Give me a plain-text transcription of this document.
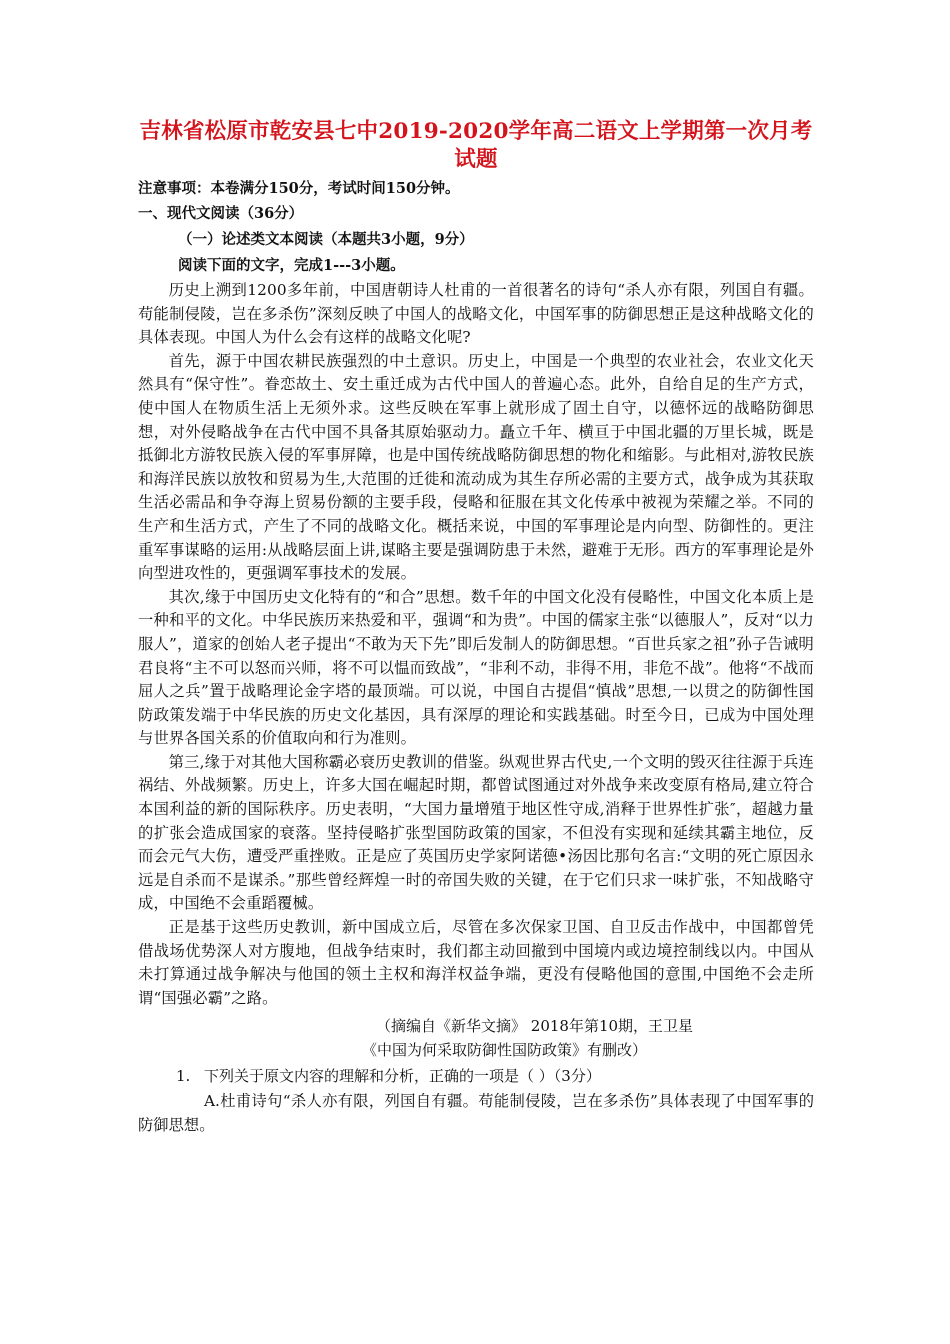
吉林省松原市乾安县七中2019-2020学年高二语文上学期第一次月考试题

注意事项：本卷满分150分，考试时间150分钟。

一、现代文阅读（36分）

（一）论述类文本阅读（本题共3小题，9分）

阅读下面的文字，完成1---3小题。

历史上溯到1200多年前，中国唐朝诗人杜甫的一首很著名的诗句“杀人亦有限，列国自有疆。苟能制侵陵，岂在多杀伤”深刻反映了中国人的战略文化，中国军事的防御思想正是这种战略文化的具体表现。中国人为什么会有这样的战略文化呢?

首先，源于中国农耕民族强烈的中土意识。历史上，中国是一个典型的农业社会，农业文化天然具有“保守性”。眷恋故土、安土重迁成为古代中国人的普遍心态。此外，自给自足的生产方式，使中国人在物质生活上无须外求。这些反映在军事上就形成了固土自守，以德怀远的战略防御思想，对外侵略战争在古代中国不具备其原始驱动力。矗立千年、横亘于中国北疆的万里长城，既是抵御北方游牧民族入侵的军事屏障，也是中国传统战略防御思想的物化和缩影。与此相对,游牧民族和海洋民族以放牧和贸易为生,大范围的迁徙和流动成为其生存所必需的主要方式，战争成为其获取生活必需品和争夺海上贸易份额的主要手段，侵略和征服在其文化传承中被视为荣耀之举。不同的生产和生活方式，产生了不同的战略文化。概括来说，中国的军事理论是内向型、防御性的。更注重军事谋略的运用:从战略层面上讲,谋略主要是强调防患于未然，避难于无形。西方的军事理论是外向型进攻性的，更强调军事技术的发展。

其次,缘于中国历史文化特有的“和合”思想。数千年的中国文化没有侵略性，中国文化本质上是一种和平的文化。中华民族历来热爱和平，强调“和为贵”。中国的儒家主张“以德服人”，反对“以力服人”，道家的创始人老子提出“不敢为天下先”即后发制人的防御思想。“百世兵家之祖”孙子告诫明君良将“主不可以怒而兴师，将不可以愠而致战”，“非利不动，非得不用，非危不战”。他将“不战而屈人之兵”置于战略理论金字塔的最顶端。可以说，中国自古提倡“慎战”思想,一以贯之的防御性国防政策发端于中华民族的历史文化基因，具有深厚的理论和实践基础。时至今日，已成为中国处理与世界各国关系的价值取向和行为准则。

第三,缘于对其他大国称霸必衰历史教训的借鉴。纵观世界古代史,一个文明的毁灭往往源于兵连祸结、外战频繁。历史上，许多大国在崛起时期，都曾试图通过对外战争来改变原有格局,建立符合本国利益的新的国际秩序。历史表明，“大国力量增殖于地区性守成,消释于世界性扩张″，超越力量的扩张会造成国家的衰落。坚持侵略扩张型国防政策的国家，不但没有实现和延续其霸主地位，反而会元气大伤，遭受严重挫败。正是应了英国历史学家阿诺德•汤因比那句名言:“文明的死亡原因永远是自杀而不是谋杀。”那些曾经辉煌一时的帝国失败的关键，在于它们只求一味扩张，不知战略守成，中国绝不会重蹈覆楲。

正是基于这些历史教训，新中国成立后，尽管在多次保家卫国、自卫反击作战中，中国都曾凭借战场优势深人对方腹地，但战争结束时，我们都主动回撤到中国境内或边境控制线以内。中国从未打算通过战争解决与他国的领土主权和海洋权益争端，更没有侵略他国的意围,中国绝不会走所谓“国强必霸”之路。

（摘编自《新华文摘》 2018年第10期，王卫星
《中国为何采取防御性国防政策》有删改）

1. 下列关于原文内容的理解和分析，正确的一项是（ ）（3分）

A.杜甫诗句“杀人亦有限，列国自有疆。苟能制侵陵，岂在多杀伤”具体表现了中国军事的防御思想。
